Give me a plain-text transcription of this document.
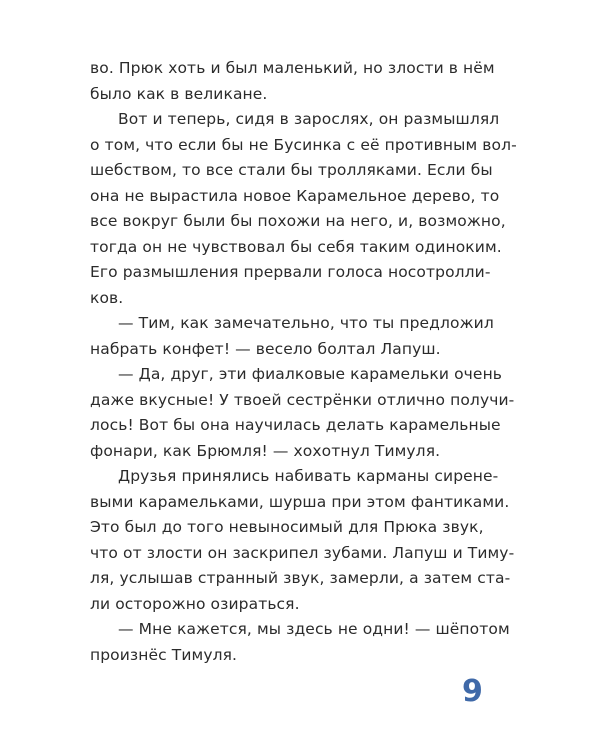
во. Прюк хоть и был маленький, но злости в нём
было как в великане.
Вот и теперь, сидя в зарослях, он размышлял
о том, что если бы не Бусинка с её противным вол-
шебством, то все стали бы тролляками. Если бы
она не вырастила новое Карамельное дерево, то
все вокруг были бы похожи на него, и, возможно,
тогда он не чувствовал бы себя таким одиноким.
Его размышления прервали голоса носотролли-
ков.
— Тим, как замечательно, что ты предложил
набрать конфет! — весело болтал Лапуш.
— Да, друг, эти фиалковые карамельки очень
даже вкусные! У твоей сестрёнки отлично получи-
лось! Вот бы она научилась делать карамельные
фонари, как Брюмля! — хохотнул Тимуля.
Друзья принялись набивать карманы сирене-
выми карамельками, шурша при этом фантиками.
Это был до того невыносимый для Прюка звук,
что от злости он заскрипел зубами. Лапуш и Тиму-
ля, услышав странный звук, замерли, а затем ста-
ли осторожно озираться.
— Мне кажется, мы здесь не одни! — шёпотом
произнёс Тимуля.
9
